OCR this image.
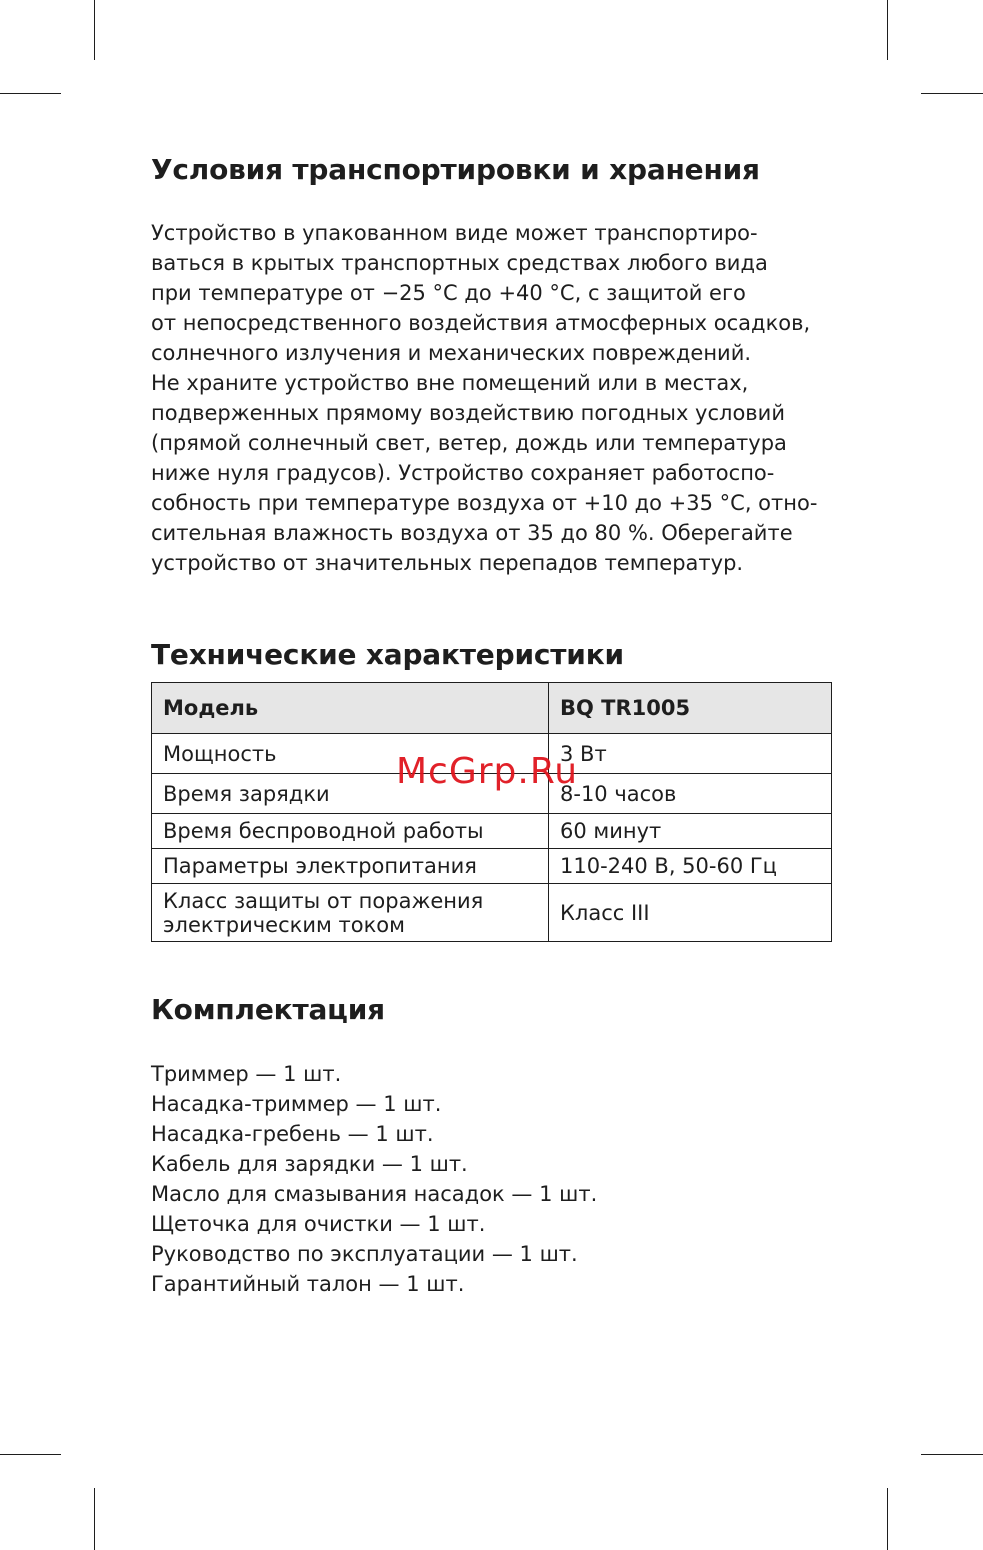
Условия транспортировки и хранения
Устройство в упакованном виде может транспортиро-
ваться в крытых транспортных средствах любого вида
при температуре от −25 °С до +40 °С, с защитой его
от непосредственного воздействия атмосферных осадков,
солнечного излучения и механических повреждений.
Не храните устройство вне помещений или в местах,
подверженных прямому воздействию погодных условий
(прямой солнечный свет, ветер, дождь или температура
ниже нуля градусов). Устройство сохраняет работоспо-
собность при температуре воздуха от +10 до +35 °С, отно-
сительная влажность воздуха от 35 до 80 %. Оберегайте
устройство от значительных перепадов температур.
Технические характеристики
Модель	BQ TR1005
Мощность	3 Вт
Время зарядки	8-10 часов
Время беспроводной работы	60 минут
Параметры электропитания	110-240 В, 50-60 Гц

Класс защиты от поражения
электрическим током	Класс III
Комплектация
Триммер — 1 шт.
Насадка-триммер — 1 шт.
Насадка-гребень — 1 шт.
Кабель для зарядки — 1 шт.
Масло для смазывания насадок — 1 шт.
Щеточка для очистки — 1 шт.
Руководство по эксплуатации — 1 шт.
Гарантийный талон — 1 шт.
McGrp.Ru
